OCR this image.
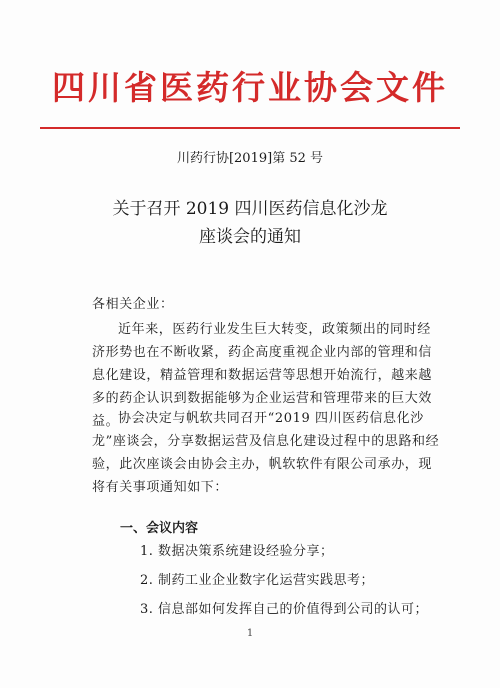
四川省医药行业协会文件
川药行协[2019]第 52 号
关于召开 2019 四川医药信息化沙龙
座谈会的通知
各相关企业：
近年来，医药行业发生巨大转变，政策频出的同时经济形势也在不断收紧，药企高度重视企业内部的管理和信息化建设，精益管理和数据运营等思想开始流行，越来越多的药企认识到数据能够为企业运营和管理带来的巨大效益。
协会决定与帆软共同召开“2019 四川医药信息化沙龙”座谈会，分享数据运营及信息化建设过程中的思路和经验，此次座谈会由协会主办，帆软软件有限公司承办，现将有关事项通知如下：
一、会议内容
1. 数据决策系统建设经验分享；
2. 制药工业企业数字化运营实践思考；
3. 信息部如何发挥自己的价值得到公司的认可；
1
